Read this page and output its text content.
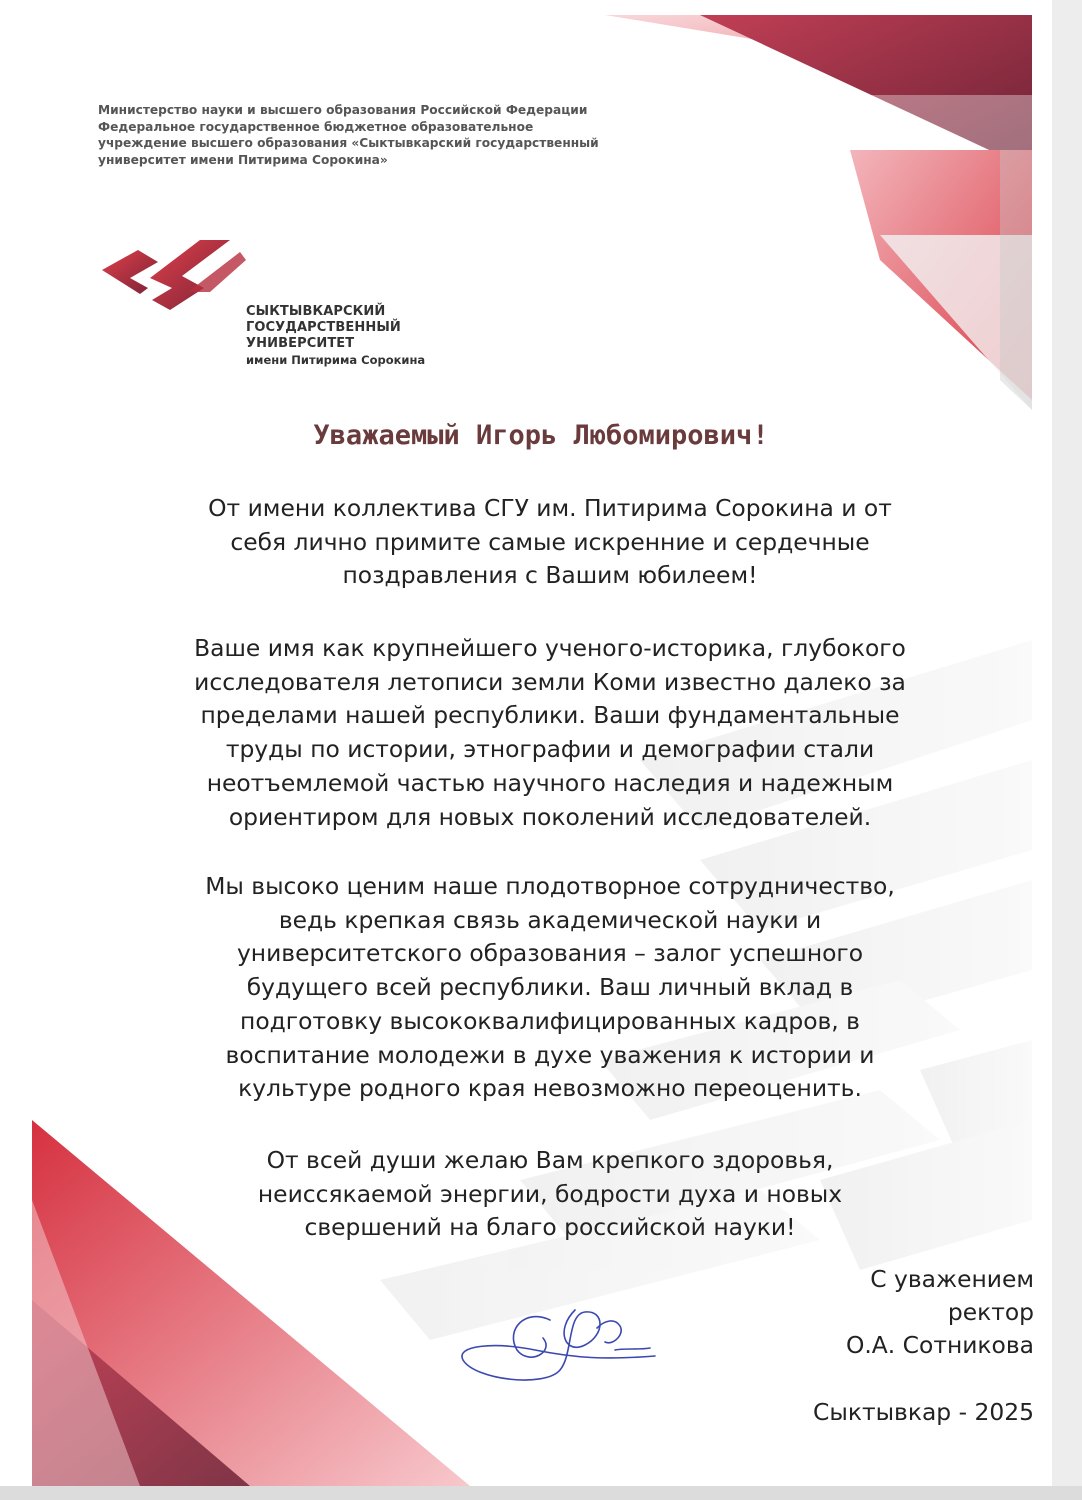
Министерство науки и высшего образования Российской Федерации
Федеральное государственное бюджетное образовательное
учреждение высшего образования «Сыктывкарский государственный
университет имени Питирима Сорокина»
СЫКТЫВКАРСКИЙ
ГОСУДАРСТВЕННЫЙ
УНИВЕРСИТЕТ
имени Питирима Сорокина
Уважаемый Игорь Любомирович!
От имени коллектива СГУ им. Питирима Сорокина и от
себя лично примите самые искренние и сердечные
поздравления с Вашим юбилеем!
Ваше имя как крупнейшего ученого-историка, глубокого
исследователя летописи земли Коми известно далеко за
пределами нашей республики. Ваши фундаментальные
труды по истории, этнографии и демографии стали
неотъемлемой частью научного наследия и надежным
ориентиром для новых поколений исследователей.
Мы высоко ценим наше плодотворное сотрудничество,
ведь крепкая связь академической науки и
университетского образования – залог успешного
будущего всей республики. Ваш личный вклад в
подготовку высококвалифицированных кадров, в
воспитание молодежи в духе уважения к истории и
культуре родного края невозможно переоценить.
От всей души желаю Вам крепкого здоровья,
неиссякаемой энергии, бодрости духа и новых
свершений на благо российской науки!
С уважением
ректор
О.А. Сотникова
Сыктывкар - 2025
